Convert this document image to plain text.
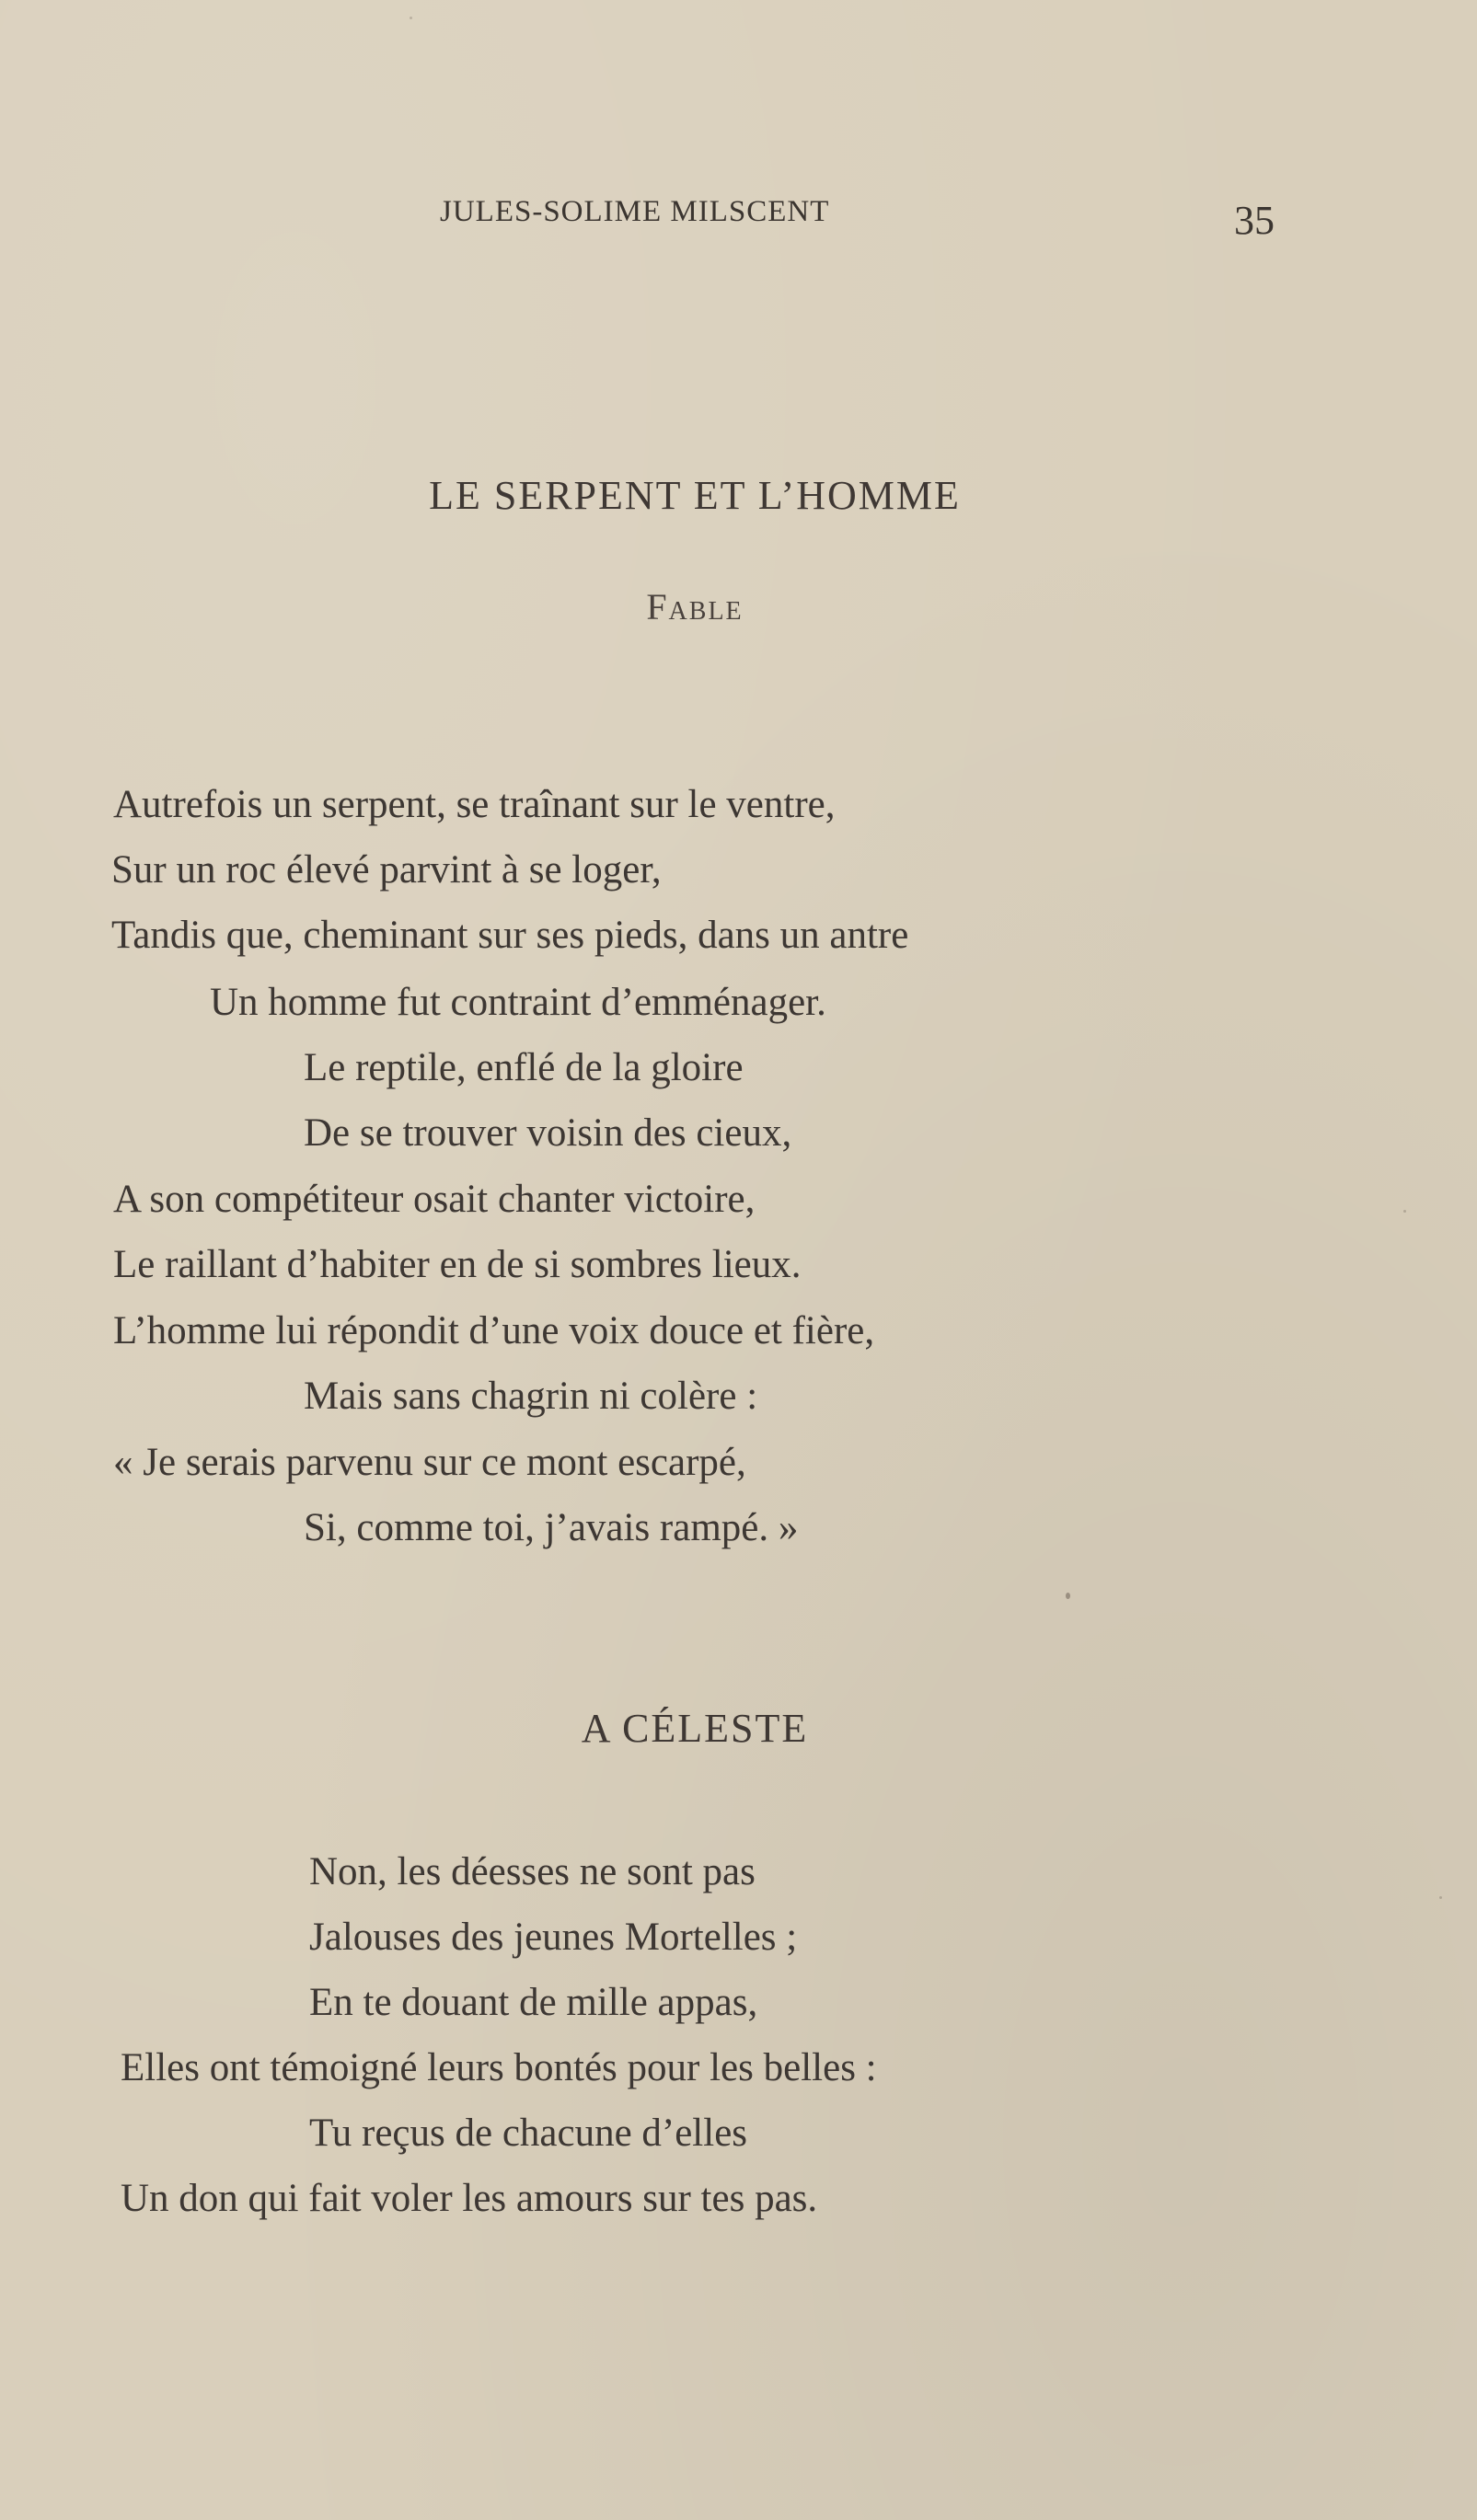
JULES-SOLIME MILSCENT	35
LE SERPENT ET L’HOMME
Fable
Autrefois un serpent, se traînant sur le ventre,
Sur un roc élevé parvint à se loger,
Tandis que, cheminant sur ses pieds, dans un antre
Un homme fut contraint d’emménager.
Le reptile, enflé de la gloire
De se trouver voisin des cieux,
A son compétiteur osait chanter victoire,
Le raillant d’habiter en de si sombres lieux.
L’homme lui répondit d’une voix douce et fière,
Mais sans chagrin ni colère :
« Je serais parvenu sur ce mont escarpé,
Si, comme toi, j’avais rampé. »
A CÉLESTE
Non, les déesses ne sont pas
Jalouses des jeunes Mortelles ;
En te douant de mille appas,
Elles ont témoigné leurs bontés pour les belles :
Tu reçus de chacune d’elles
Un don qui fait voler les amours sur tes pas.
